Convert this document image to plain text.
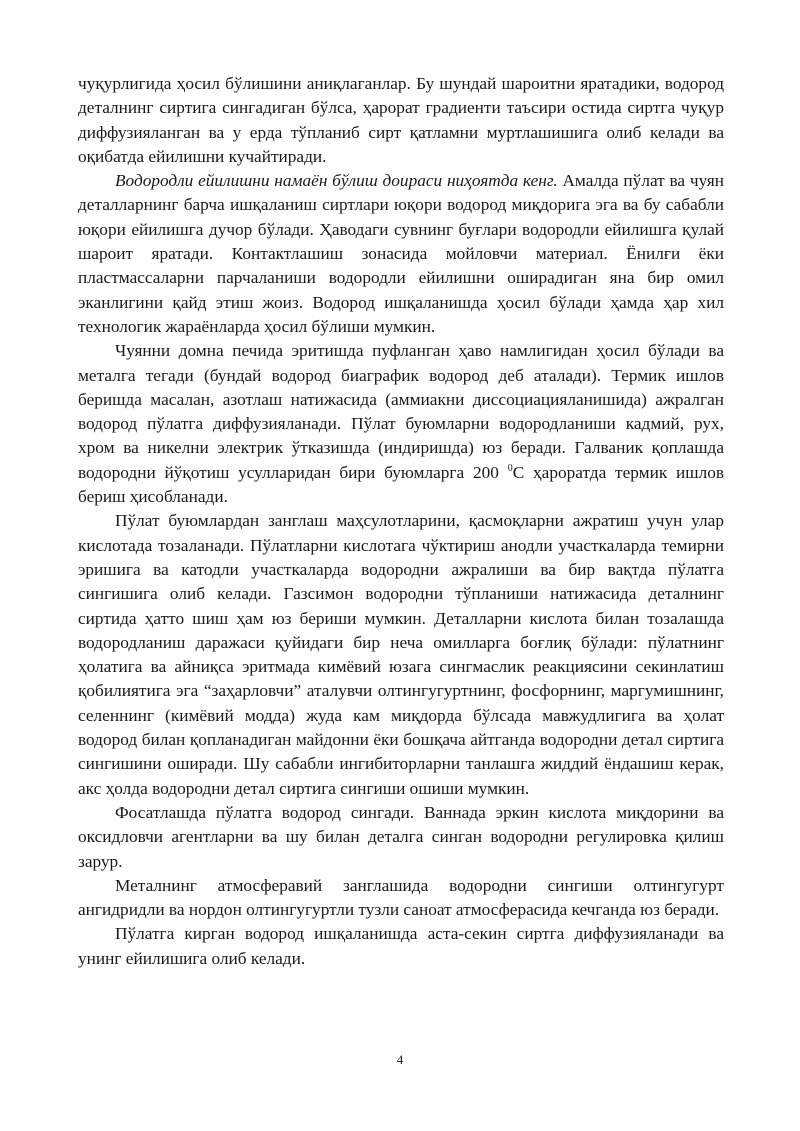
чуқурлигида ҳосил бўлишини аниқлаганлар. Бу шундай шароитни яратадики, водород деталнинг сиртига сингадиган бўлса, ҳарорат градиенти таъсири остида сиртга чуқур диффузияланган ва у ерда тўпланиб сирт қатламни муртлашишига олиб келади ва оқибатда ейилишни кучайтиради.

Водородли ейилишни намаён бўлиш доираси ниҳоятда кенг. Амалда пўлат ва чуян деталларнинг барча ишқаланиш сиртлари юқори водород миқдорига эга ва бу сабабли юқори ейилишга дучор бўлади. Ҳаводаги сувнинг буғлари водородли ейилишга қулай шароит яратади. Контактлашиш зонасида мойловчи материал. Ёнилғи ёки пластмассаларни парчаланиши водородли ейилишни оширадиган яна бир омил эканлигини қайд этиш жоиз. Водород ишқаланишда ҳосил бўлади ҳамда ҳар хил технологик жараёнларда ҳосил бўлиши мумкин.

Чуянни домна печида эритишда пуфланган ҳаво намлигидан ҳосил бўлади ва металга тегади (бундай водород биаграфик водород деб аталади). Термик ишлов беришда масалан, азотлаш натижасида (аммиакни диссоциацияланишида) ажралган водород пўлатга диффузияланади. Пўлат буюмларни водородланиши кадмий, рух, хром ва никелни электрик ўтказишда (индиришда) юз беради. Галваник қоплашда водородни йўқотиш усулларидан бири буюмларга 200 $^0$С ҳароратда термик ишлов бериш ҳисобланади.

Пўлат буюмлардан занглаш маҳсулотларини, қасмоқларни ажратиш учун улар кислотада тозаланади. Пўлатларни кислотага чўктириш анодли участкаларда темирни эришига ва катодли участкаларда водородни ажралиши ва бир вақтда пўлатга сингишига олиб келади. Газсимон водородни тўпланиши натижасида деталнинг сиртида ҳатто шиш ҳам юз бериши мумкин. Деталларни кислота билан тозалашда водородланиш даражаси қуйидаги бир неча омилларга боғлиқ бўлади: пўлатнинг ҳолатига ва айниқса эритмада кимёвий юзага сингмаслик реакциясини секинлатиш қобилиятига эга “заҳарловчи” аталувчи олтингугуртнинг, фосфорнинг, маргумишнинг, селеннинг (кимёвий модда) жуда кам миқдорда бўлсада мавжудлигига ва ҳолат водород билан қопланадиган майдонни ёки бошқача айтганда водородни детал сиртига сингишини оширади. Шу сабабли ингибиторларни танлашга жиддий ёндашиш керак, акс ҳолда водородни детал сиртига сингиши ошиши мумкин.

Фосатлашда пўлатга водород сингади. Ваннада эркин кислота миқдорини ва оксидловчи агентларни ва шу билан деталга синган водородни регулировка қилиш зарур.

Металнинг атмосферавий занглашида водородни сингиши олтингугурт ангидридли ва нордон олтингугуртли тузли саноат атмосферасида кечганда юз беради.

Пўлатга кирган водород ишқаланишда аста-секин сиртга диффузияланади ва унинг ейилишига олиб келади.

4
